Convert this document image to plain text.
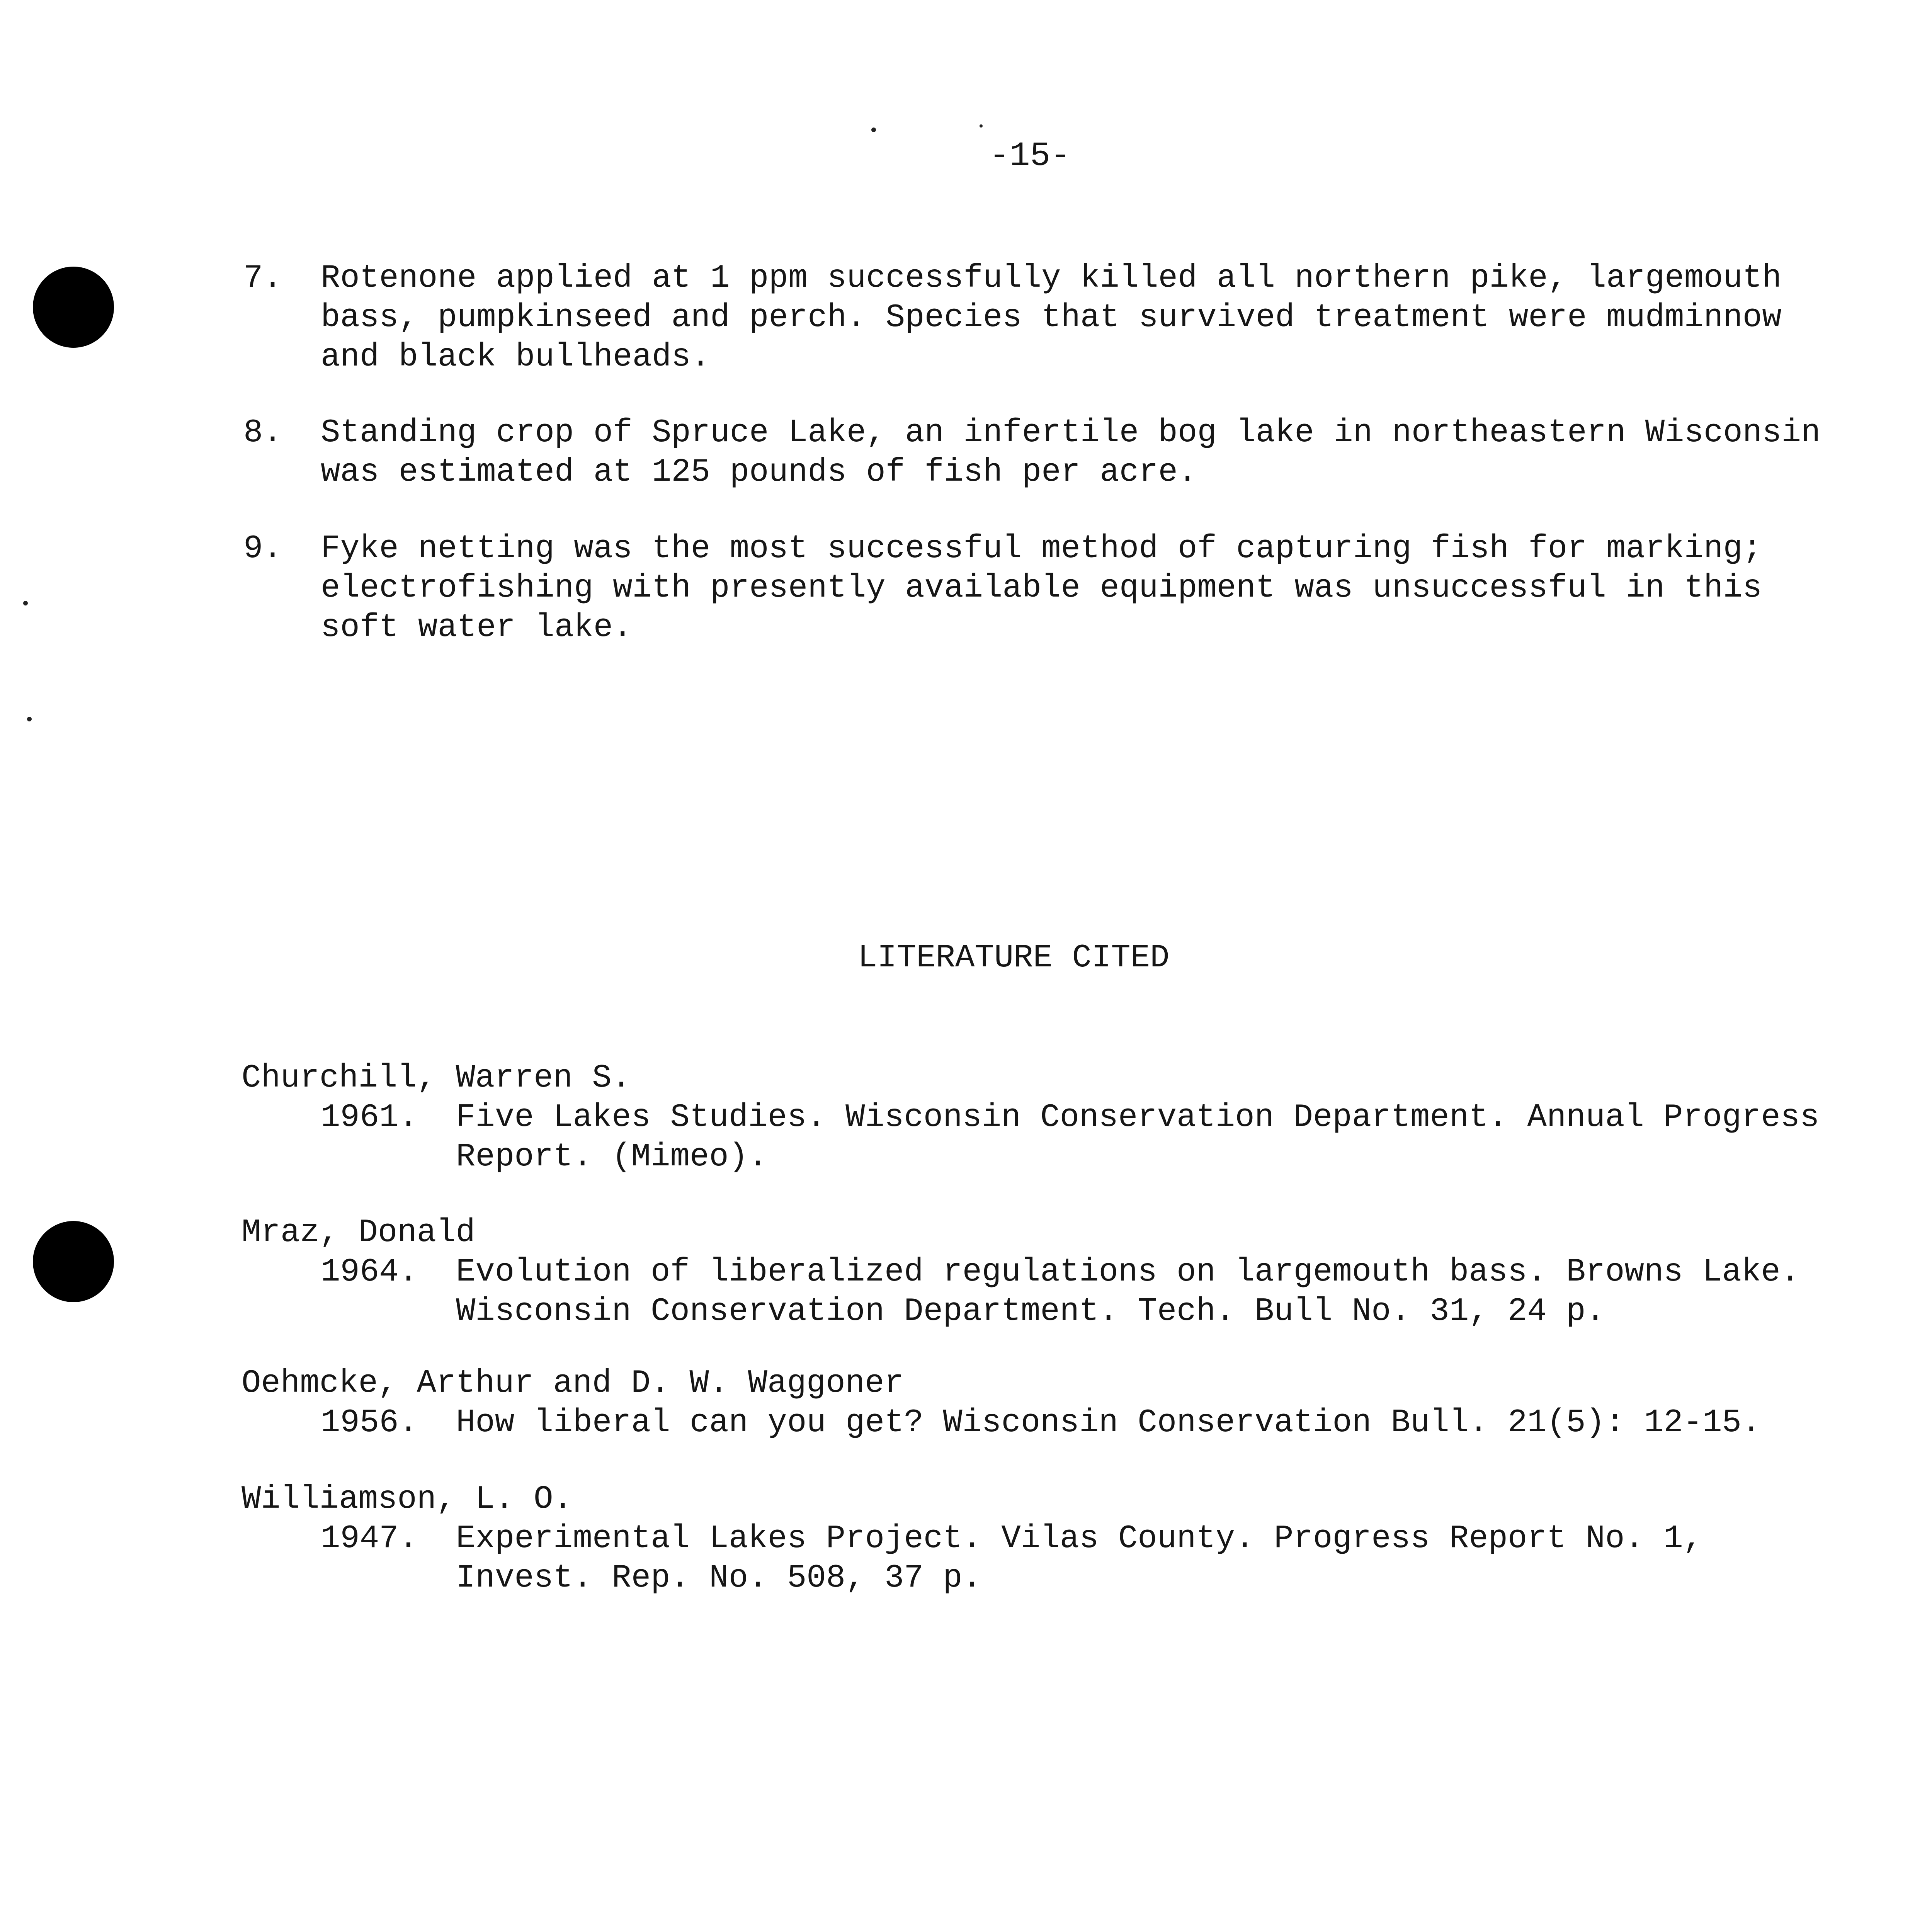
-15-
7. Rotenone applied at 1 ppm successfully killed all northern pike, largemouth
bass, pumpkinseed and perch. Species that survived treatment were mudminnow
and black bullheads.
8. Standing crop of Spruce Lake, an infertile bog lake in northeastern Wisconsin
was estimated at 125 pounds of fish per acre.
9. Fyke netting was the most successful method of capturing fish for marking;
electrofishing with presently available equipment was unsuccessful in this
soft water lake.
LITERATURE CITED
Churchill, Warren S.
1961. Five Lakes Studies. Wisconsin Conservation Department. Annual Progress
Report. (Mimeo).
Mraz, Donald
1964. Evolution of liberalized regulations on largemouth bass. Browns Lake.
Wisconsin Conservation Department. Tech. Bull No. 31, 24 p.
Oehmcke, Arthur and D. W. Waggoner
1956. How liberal can you get? Wisconsin Conservation Bull. 21(5): 12-15.
Williamson, L. O.
1947. Experimental Lakes Project. Vilas County. Progress Report No. 1,
Invest. Rep. No. 508, 37 p.
